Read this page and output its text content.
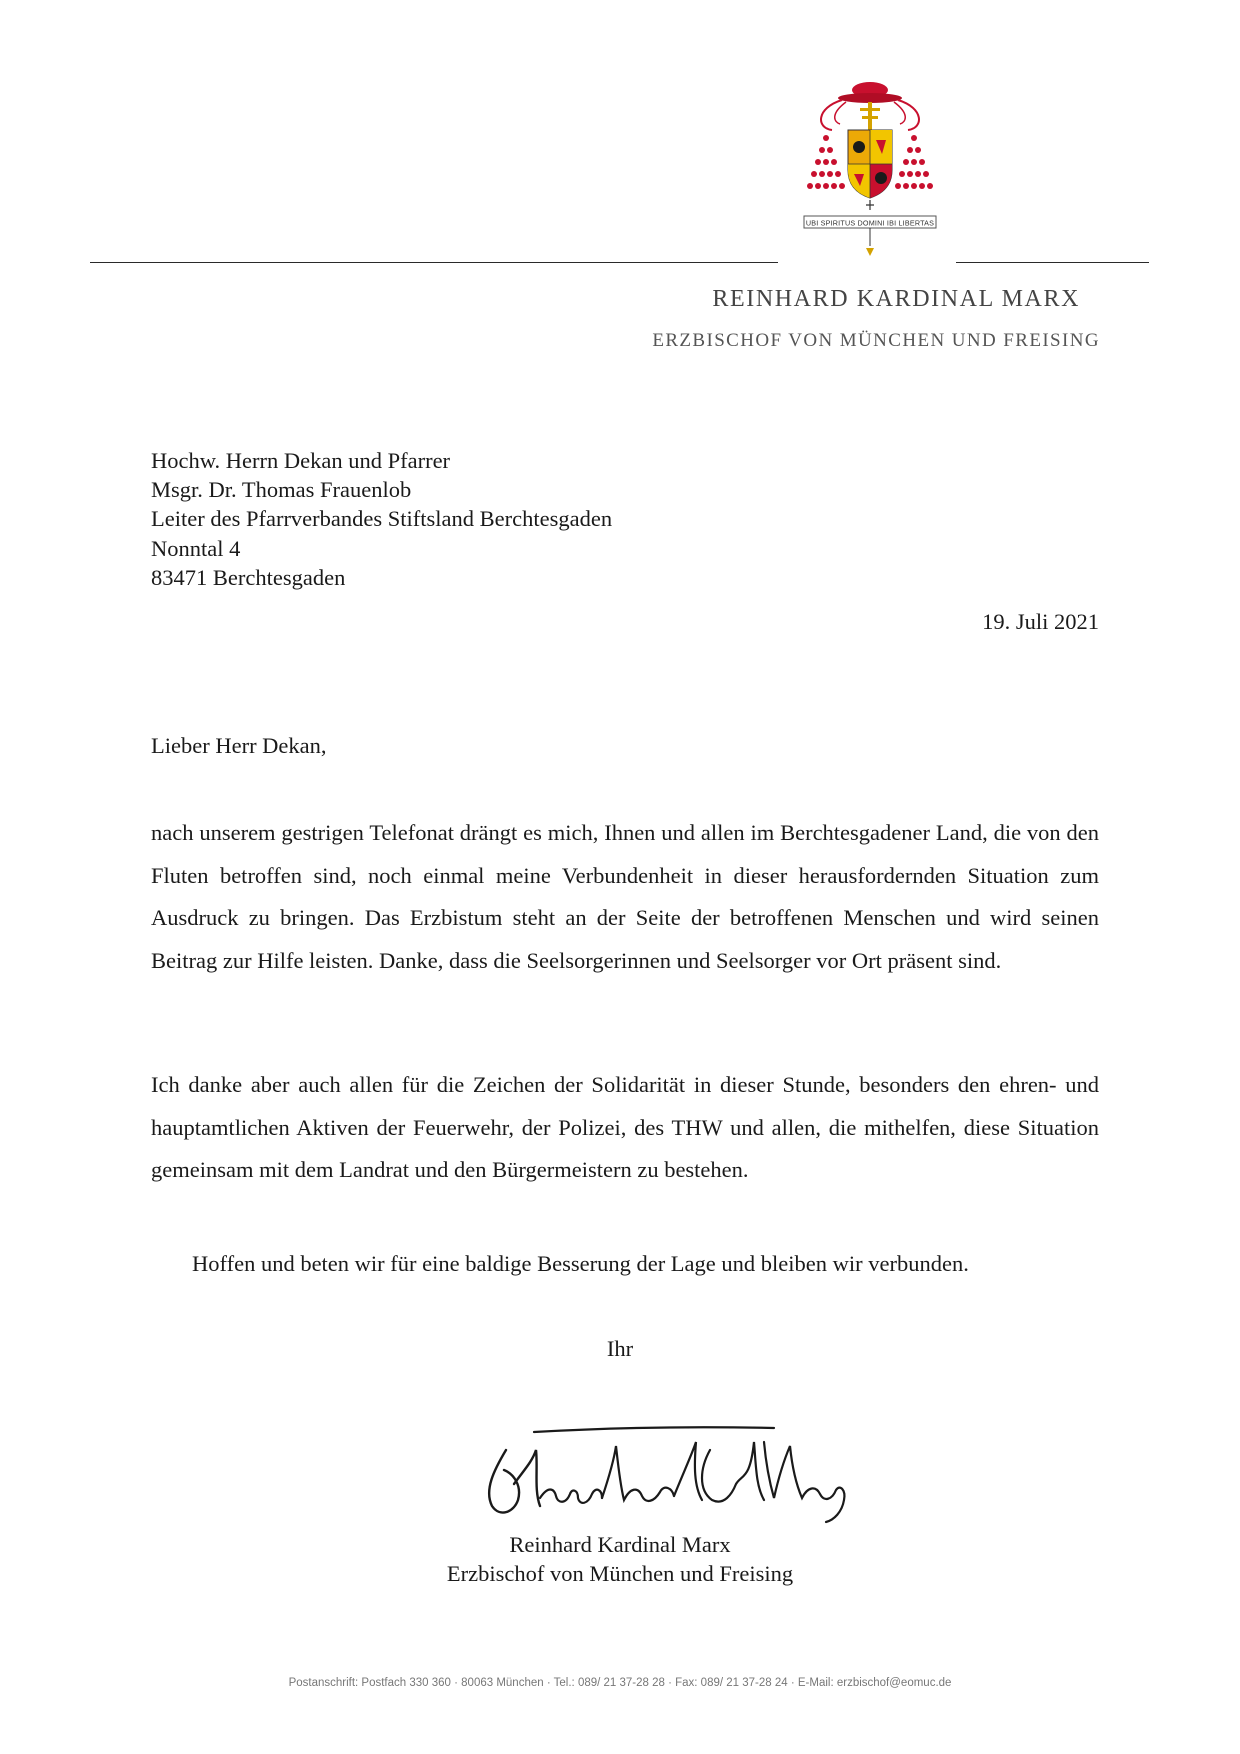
UBI SPIRITUS DOMINI IBI LIBERTAS
REINHARD KARDINAL MARX
ERZBISCHOF VON MÜNCHEN UND FREISING
Hochw. Herrn Dekan und Pfarrer
Msgr. Dr. Thomas Frauenlob
Leiter des Pfarrverbandes Stiftsland Berchtesgaden
Nonntal 4
83471 Berchtesgaden
19. Juli 2021
Lieber Herr Dekan,
nach unserem gestrigen Telefonat drängt es mich, Ihnen und allen im Berchtesgadener Land, die von den Fluten betroffen sind, noch einmal meine Verbundenheit in dieser herausfordernden Situation zum Ausdruck zu bringen. Das Erzbistum steht an der Seite der betroffenen Menschen und wird seinen Beitrag zur Hilfe leisten. Danke, dass die Seelsorgerinnen und Seelsorger vor Ort präsent sind.
Ich danke aber auch allen für die Zeichen der Solidarität in dieser Stunde, besonders den ehren- und hauptamtlichen Aktiven der Feuerwehr, der Polizei, des THW und allen, die mithelfen, diese Situation gemeinsam mit dem Landrat und den Bürgermeistern zu bestehen.
Hoffen und beten wir für eine baldige Besserung der Lage und bleiben wir verbunden.
Ihr
Reinhard Kardinal Marx
Erzbischof von München und Freising
Postanschrift: Postfach 330 360 · 80063 München · Tel.: 089/ 21 37-28 28 · Fax: 089/ 21 37-28 24 · E-Mail: erzbischof@eomuc.de
